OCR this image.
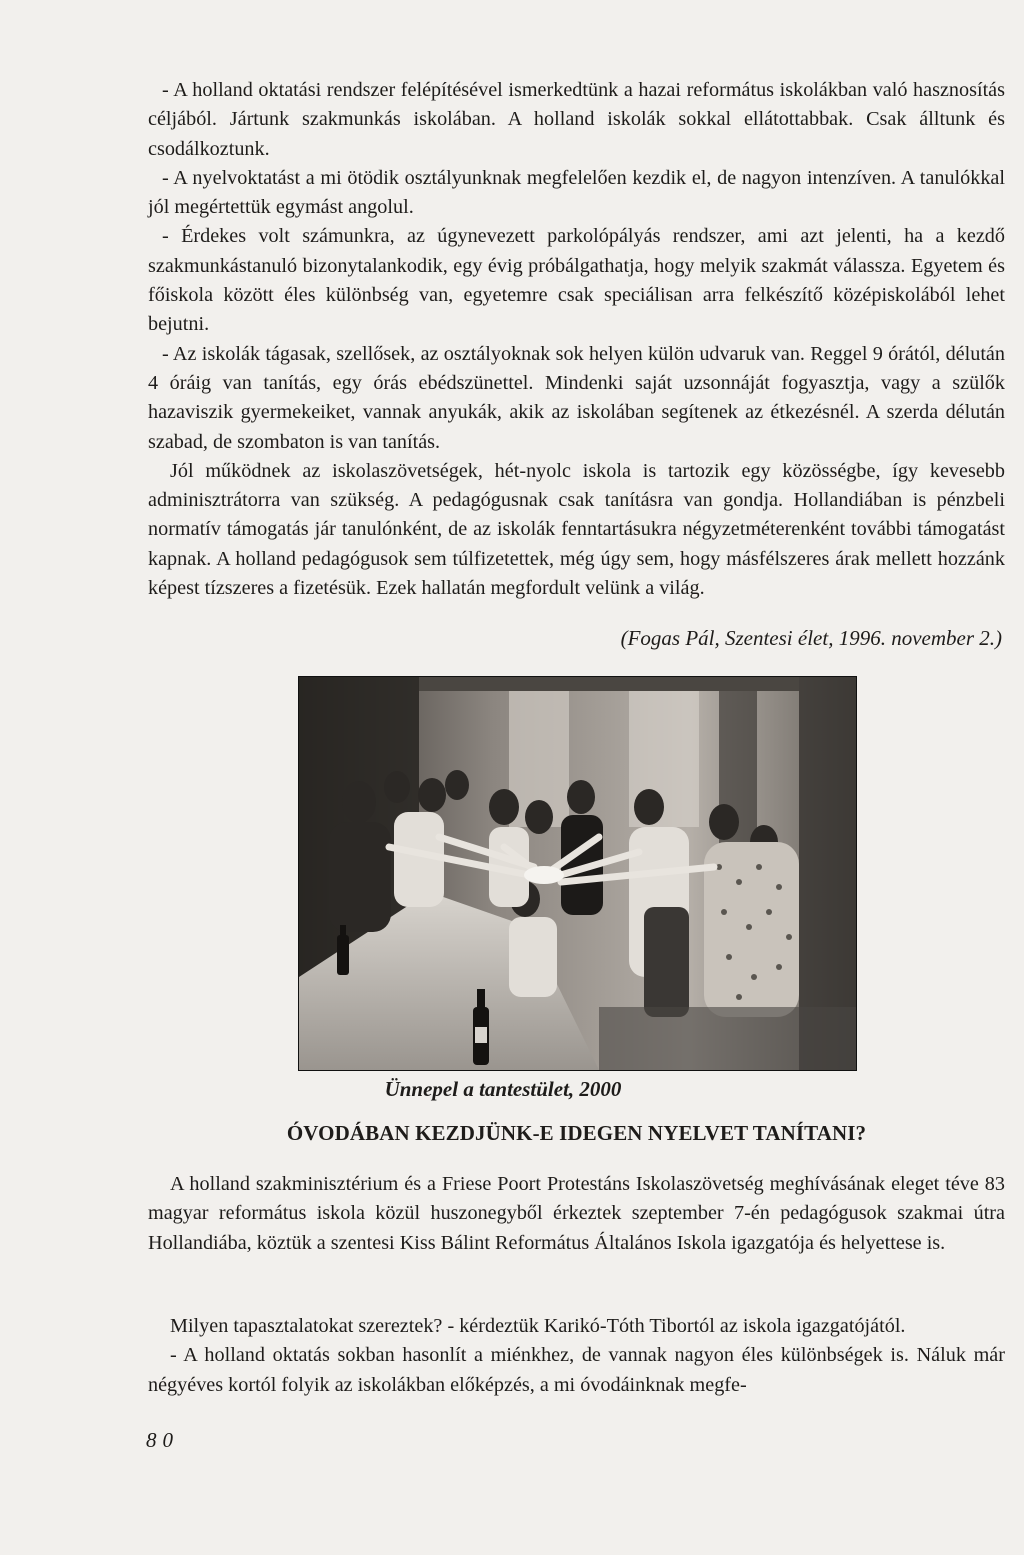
- A holland oktatási rendszer felépítésével ismerkedtünk a hazai református iskolákban való hasznosítás céljából. Jártunk szakmunkás iskolában. A holland iskolák sokkal ellátottabbak. Csak álltunk és csodálkoztunk.

- A nyelvoktatást a mi ötödik osztályunknak megfelelően kezdik el, de nagyon intenzíven. A tanulókkal jól megértettük egymást angolul.

- Érdekes volt számunkra, az úgynevezett parkolópályás rendszer, ami azt jelenti, ha a kezdő szakmunkástanuló bizonytalankodik, egy évig próbálgathatja, hogy melyik szakmát válassza. Egyetem és főiskola között éles különbség van, egyetemre csak speciálisan arra felkészítő középiskolából lehet bejutni.

- Az iskolák tágasak, szellősek, az osztályoknak sok helyen külön udvaruk van. Reggel 9 órától, délután 4 óráig van tanítás, egy órás ebédszünettel. Mindenki saját uzsonnáját fogyasztja, vagy a szülők hazaviszik gyermekeiket, vannak anyukák, akik az iskolában segítenek az étkezésnél. A szerda délután szabad, de szombaton is van tanítás.

Jól működnek az iskolaszövetségek, hét-nyolc iskola is tartozik egy közösségbe, így kevesebb adminisztrátorra van szükség. A pedagógusnak csak tanításra van gondja. Hollandiában is pénzbeli normatív támogatás jár tanulónként, de az iskolák fenntartásukra négyzetméterenként további támogatást kapnak. A holland pedagógusok sem túlfizetettek, még úgy sem, hogy másfélszeres árak mellett hozzánk képest tízszeres a fizetésük. Ezek hallatán megfordult velünk a világ.

(Fogas Pál, Szentesi élet, 1996. november 2.)
Ünnepel a tantestület, 2000
ÓVODÁBAN KEZDJÜNK-E IDEGEN NYELVET TANÍTANI?

A holland szakminisztérium és a Friese Poort Protestáns Iskolaszövetség meghívásának eleget téve 83 magyar református iskola közül huszonegyből érkeztek szeptember 7-én pedagógusok szakmai útra Hollandiába, köztük a szentesi Kiss Bálint Református Általános Iskola igazgatója és helyettese is.

Milyen tapasztalatokat szereztek? - kérdeztük Karikó-Tóth Tibortól az iskola igazgatójától.

- A holland oktatás sokban hasonlít a miénkhez, de vannak nagyon éles különbségek is. Náluk már négyéves kortól folyik az iskolákban előképzés, a mi óvodáinknak megfe-

80
